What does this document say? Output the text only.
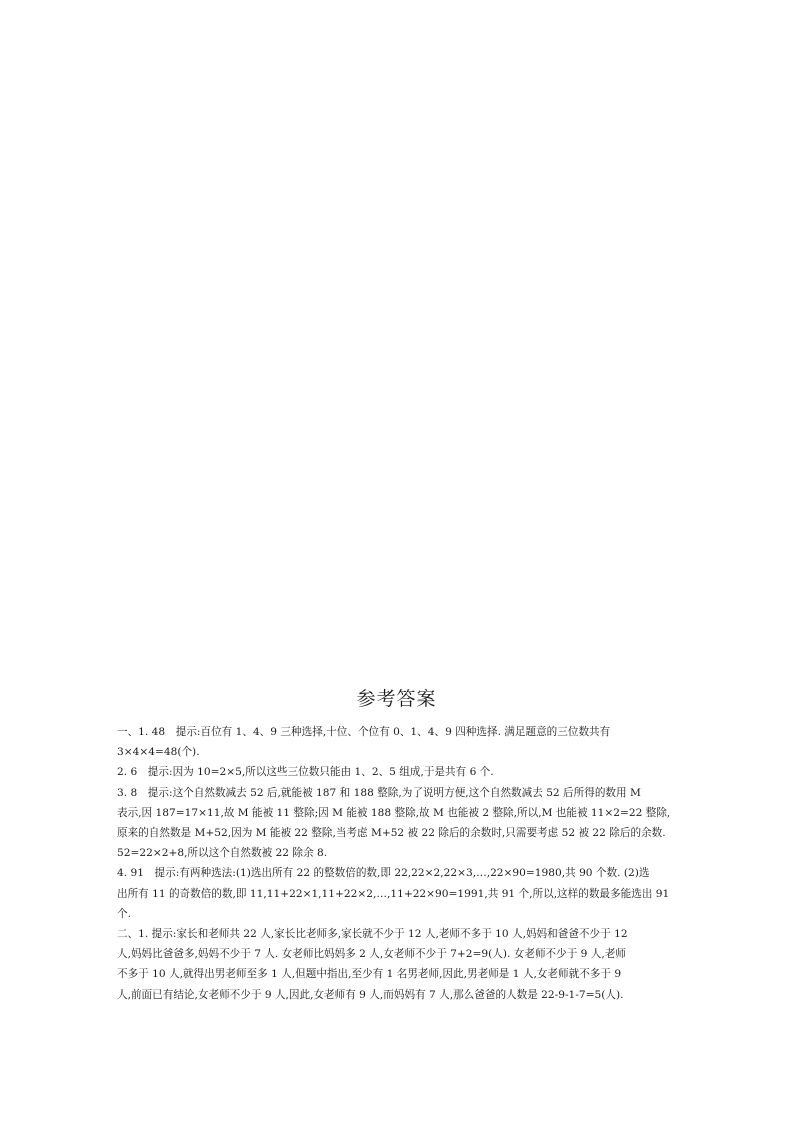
参考答案

一、1. 48　提示:百位有 1、4、9 三种选择,十位、个位有 0、1、4、9 四种选择. 满足题意的三位数共有

3×4×4=48(个).

2. 6　提示:因为 10=2×5,所以这些三位数只能由 1、2、5 组成,于是共有 6 个.

3. 8　提示:这个自然数减去 52 后,就能被 187 和 188 整除,为了说明方便,这个自然数减去 52 后所得的数用 M

表示,因 187=17×11,故 M 能被 11 整除;因 M 能被 188 整除,故 M 也能被 2 整除,所以,M 也能被 11×2=22 整除,

原来的自然数是 M+52,因为 M 能被 22 整除,当考虑 M+52 被 22 除后的余数时,只需要考虑 52 被 22 除后的余数.

52=22×2+8,所以这个自然数被 22 除余 8.

4. 91　提示:有两种选法:(1)选出所有 22 的整数倍的数,即 22,22×2,22×3,…,22×90=1980,共 90 个数. (2)选

出所有 11 的奇数倍的数,即 11,11+22×1,11+22×2,…,11+22×90=1991,共 91 个,所以,这样的数最多能选出 91

个.

二、1. 提示:家长和老师共 22 人,家长比老师多,家长就不少于 12 人,老师不多于 10 人,妈妈和爸爸不少于 12

人,妈妈比爸爸多,妈妈不少于 7 人. 女老师比妈妈多 2 人,女老师不少于 7+2=9(人). 女老师不少于 9 人,老师

不多于 10 人,就得出男老师至多 1 人,但题中指出,至少有 1 名男老师,因此,男老师是 1 人,女老师就不多于 9

人,前面已有结论,女老师不少于 9 人,因此,女老师有 9 人,而妈妈有 7 人,那么爸爸的人数是 22-9-1-7=5(人).
